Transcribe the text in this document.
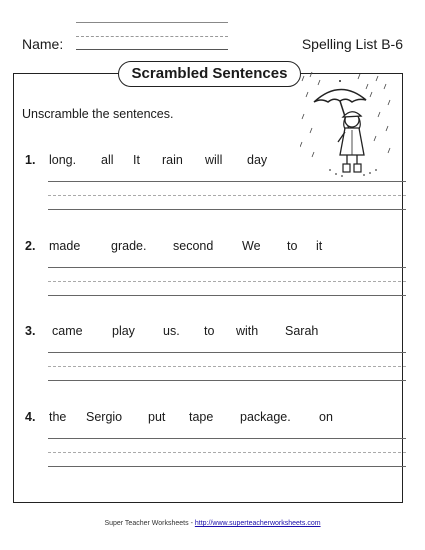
Name:	Spelling List B-6
Scrambled Sentences
Unscramble the sentences.
1. long. all It rain will day
2. made grade. second We to it
3. came play us. to with Sarah
4. the Sergio put tape package. on
Super Teacher Worksheets - http://www.superteacherworksheets.com
